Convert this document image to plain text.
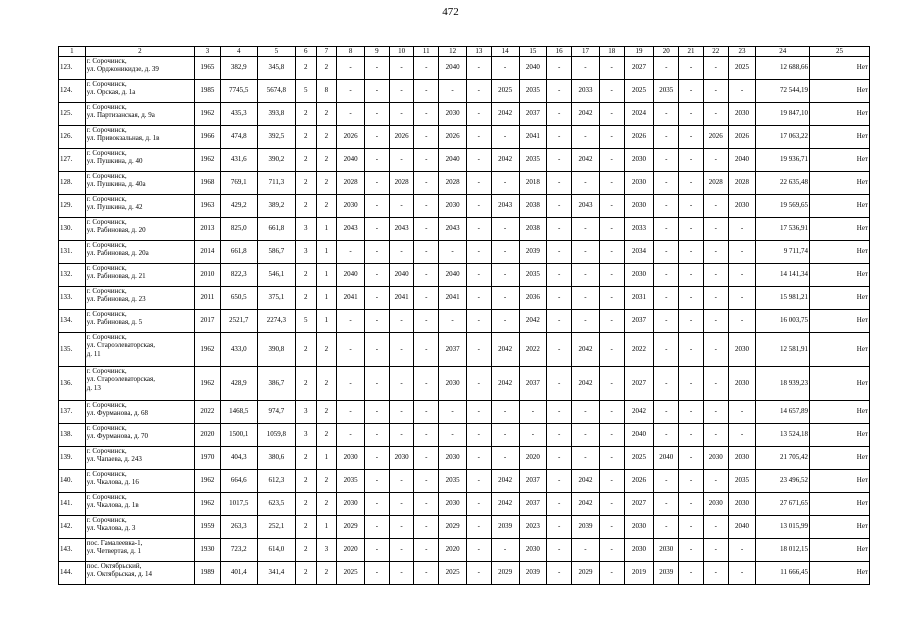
472
1	2	3	4	5	6	7	8	9	10	11	12	13	14	15	16	17	18	19	20	21	22	23	24	25
123.	г. Сорочинск,
ул. Орджоникидзе, д. 39	1965	382,9	345,8	2	2	-	-	-	-	2040	-	-	2040	-	-	-	2027	-	-	-	2025	12 688,66	Нет
124.	г. Сорочинск,
ул. Орская, д. 1а	1985	7745,5	5674,8	5	8	-	-	-	-	-	-	2025	2035	-	2033	-	2025	2035	-	-	-	72 544,19	Нет
125.	г. Сорочинск,
ул. Партизанская, д. 9а	1962	435,3	393,8	2	2	-	-	-	-	2030	-	2042	2037	-	2042	-	2024	-	-	-	2030	19 847,10	Нет
126.	г. Сорочинск,
ул. Привокзальная, д. 1в	1966	474,8	392,5	2	2	2026	-	2026	-	2026	-	-	2041	-	-	-	2026	-	-	2026	2026	17 063,22	Нет
127.	г. Сорочинск,
ул. Пушкина, д. 40	1962	431,6	390,2	2	2	2040	-	-	-	2040	-	2042	2035	-	2042	-	2030	-	-	-	2040	19 936,71	Нет
128.	г. Сорочинск,
ул. Пушкина, д. 40а	1968	769,1	711,3	2	2	2028	-	2028	-	2028	-	-	2018	-	-	-	2030	-	-	2028	2028	22 635,48	Нет
129.	г. Сорочинск,
ул. Пушкина, д. 42	1963	429,2	389,2	2	2	2030	-	-	-	2030	-	2043	2038	-	2043	-	2030	-	-	-	2030	19 569,65	Нет
130.	г. Сорочинск,
ул. Рабиновая, д. 20	2013	825,0	661,8	3	1	2043	-	2043	-	2043	-	-	2038	-	-	-	2033	-	-	-	-	17 536,91	Нет
131.	г. Сорочинск,
ул. Рабиновая, д. 20а	2014	661,8	586,7	3	1	-	-	-	-	-	-	-	2039	-	-	-	2034	-	-	-	-	9 711,74	Нет
132.	г. Сорочинск,
ул. Рабиновая, д. 21	2010	822,3	546,1	2	1	2040	-	2040	-	2040	-	-	2035	-	-	-	2030	-	-	-	-	14 141,34	Нет
133.	г. Сорочинск,
ул. Рабиновая, д. 23	2011	650,5	375,1	2	1	2041	-	2041	-	2041	-	-	2036	-	-	-	2031	-	-	-	-	15 981,21	Нет
134.	г. Сорочинск,
ул. Рабиновая, д. 5	2017	2521,7	2274,3	5	1	-	-	-	-	-	-	-	2042	-	-	-	2037	-	-	-	-	16 003,75	Нет
135.	г. Сорочинск,
ул. Староэлеваторская,
д. 11	1962	433,0	390,8	2	2	-	-	-	-	2037	-	2042	2022	-	2042	-	2022	-	-	-	2030	12 581,91	Нет
136.	г. Сорочинск,
ул. Староэлеваторская,
д. 13	1962	428,9	386,7	2	2	-	-	-	-	2030	-	2042	2037	-	2042	-	2027	-	-	-	2030	18 939,23	Нет
137.	г. Сорочинск,
ул. Фурманова, д. 68	2022	1468,5	974,7	3	2	-	-	-	-	-	-	-	-	-	-	-	2042	-	-	-	-	14 657,89	Нет
138.	г. Сорочинск,
ул. Фурманова, д. 70	2020	1500,1	1059,8	3	2	-	-	-	-	-	-	-	-	-	-	-	2040	-	-	-	-	13 524,18	Нет
139.	г. Сорочинск,
ул. Чапаева, д. 243	1970	404,3	380,6	2	1	2030	-	2030	-	2030	-	-	2020	-	-	-	2025	2040	-	2030	2030	21 705,42	Нет
140.	г. Сорочинск,
ул. Чкалова, д. 16	1962	664,6	612,3	2	2	2035	-	-	-	2035	-	2042	2037	-	2042	-	2026	-	-	-	2035	23 496,52	Нет
141.	г. Сорочинск,
ул. Чкалова, д. 1в	1962	1017,5	623,5	2	2	2030	-	-	-	2030	-	2042	2037	-	2042	-	2027	-	-	2030	2030	27 671,65	Нет
142.	г. Сорочинск,
ул. Чкалова, д. 3	1959	263,3	252,1	2	1	2029	-	-	-	2029	-	2039	2023	-	2039	-	2030	-	-	-	2040	13 015,99	Нет
143.	пос. Гамалеевка-1,
ул. Четвертая, д. 1	1930	723,2	614,0	2	3	2020	-	-	-	2020	-	-	2030	-	-	-	2030	2030	-	-	-	18 012,15	Нет
144.	пос. Октябрьский,
ул. Октябрьская, д. 14	1989	401,4	341,4	2	2	2025	-	-	-	2025	-	2029	2039	-	2029	-	2019	2039	-	-	-	11 666,45	Нет
